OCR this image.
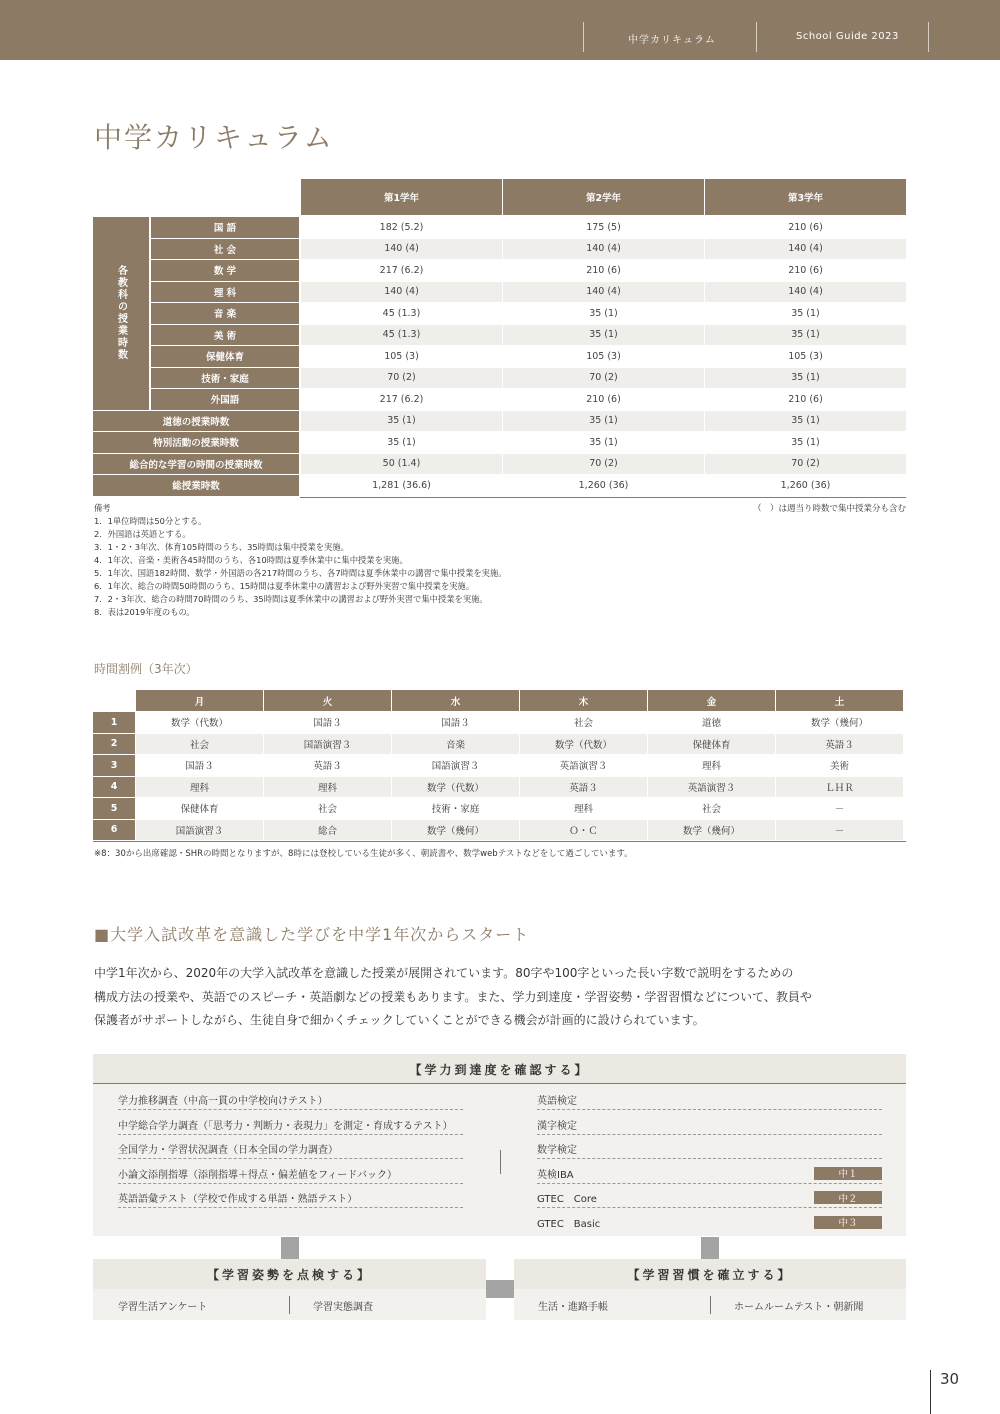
中学カリキュラム	School Guide 2023
中学カリキュラム
第1学年	第2学年	第3学年
各教科の授業時数
国 語	182 (5.2)	175 (5)	210 (6)
社 会	140 (4)	140 (4)	140 (4)
数 学	217 (6.2)	210 (6)	210 (6)
理 科	140 (4)	140 (4)	140 (4)
音 楽	45 (1.3)	35 (1)	35 (1)
美 術	45 (1.3)	35 (1)	35 (1)
保健体育	105 (3)	105 (3)	105 (3)
技術・家庭	70 (2)	70 (2)	35 (1)
外国語	217 (6.2)	210 (6)	210 (6)
道徳の授業時数	35 (1)	35 (1)	35 (1)
特別活動の授業時数	35 (1)	35 (1)	35 (1)
総合的な学習の時間の授業時数	50 (1.4)	70 (2)	70 (2)
総授業時数	1,281 (36.6)	1,260 (36)	1,260 (36)
備考
1．1単位時間は50分とする。
2．外国語は英語とする。
3．1・2・3年次、体育105時間のうち、35時間は集中授業を実施。
4．1年次、音楽・美術各45時間のうち、各10時間は夏季休業中に集中授業を実施。
5．1年次、国語182時間、数学・外国語の各217時間のうち、各7時間は夏季休業中の講習で集中授業を実施。
6．1年次、総合の時間50時間のうち、15時間は夏季休業中の講習および野外実習で集中授業を実施。
7．2・3年次、総合の時間70時間のうち、35時間は夏季休業中の講習および野外実習で集中授業を実施。
8．表は2019年度のもの。
（　）は週当り時数で集中授業分も含む
時間割例（3年次）
月	火	水	木	金	土
1	数学（代数）	国語３	国語３	社会	道徳	数学（幾何）
2	社会	国語演習３	音楽	数学（代数）	保健体育	英語３
3	国語３	英語３	国語演習３	英語演習３	理科	美術
4	理科	理科	数学（代数）	英語３	英語演習３	ＬＨＲ
5	保健体育	社会	技術・家庭	理科	社会	－
6	国語演習３	総合	数学（幾何）	Ｏ・Ｃ	数学（幾何）	－
※8：30から出席確認・SHRの時間となりますが、8時には登校している生徒が多く、朝読書や、数学webテストなどをして過ごしています。
■大学入試改革を意識した学びを中学1年次からスタート
中学1年次から、2020年の大学入試改革を意識した授業が展開されています。80字や100字といった長い字数で説明をするための
構成方法の授業や、英語でのスピーチ・英語劇などの授業もあります。また、学力到達度・学習姿勢・学習習慣などについて、教員や
保護者がサポートしながら、生徒自身で細かくチェックしていくことができる機会が計画的に設けられています。
【学力到達度を確認する】
学力推移調査（中高一貫の中学校向けテスト）
中学総合学力調査（「思考力・判断力・表現力」を測定・育成するテスト）
全国学力・学習状況調査（日本全国の学力調査）
小論文添削指導（添削指導＋得点・偏差値をフィードバック）
英語語彙テスト（学校で作成する単語・熟語テスト）
英語検定
漢字検定
数学検定
英検IBA	中１
GTEC　Core	中２
GTEC　Basic	中３
【学習姿勢を点検する】
学習生活アンケート	学習実態調査
【学習習慣を確立する】
生活・進路手帳	ホームルームテスト・朝新聞
30
